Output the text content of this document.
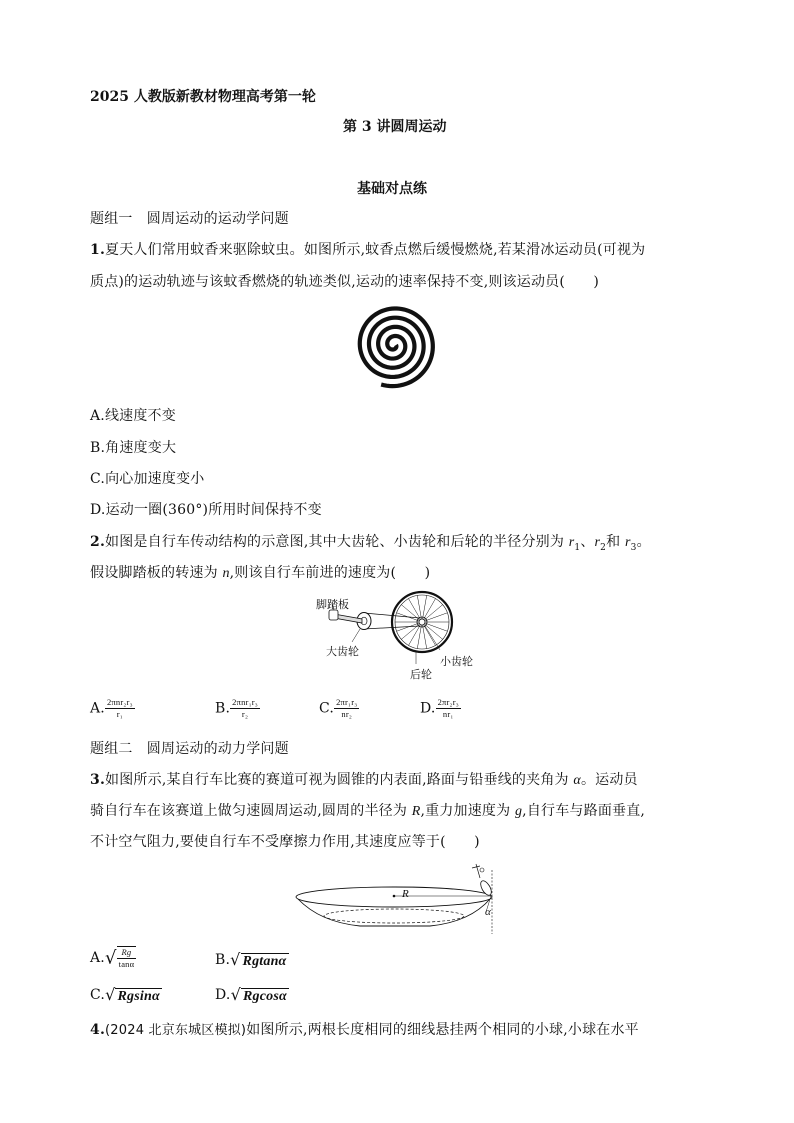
2025 人教版新教材物理高考第一轮
第 3 讲圆周运动
基础对点练
题组一　圆周运动的运动学问题
1.夏天人们常用蚊香来驱除蚊虫。如图所示,蚊香点燃后缓慢燃烧,若某滑冰运动员(可视为
质点)的运动轨迹与该蚊香燃烧的轨迹类似,运动的速率保持不变,则该运动员(　　)
A.线速度不变
B.角速度变大
C.向心加速度变小
D.运动一圈(360°)所用时间保持不变
2.如图是自行车传动结构的示意图,其中大齿轮、小齿轮和后轮的半径分别为 $r_1$、$r_2$和 $r_3$。
假设脚踏板的转速为 n,则该自行车前进的速度为(　　)
脚踏板
大齿轮
小齿轮
后轮
A. $\frac{\text{2πnr₂r₃}}{\text{r₁}}$	B. $\frac{\text{2πnr₁r₃}}{\text{r₂}}$	C. $\frac{\text{2πr₁r₃}}{\text{nr₂}}$	D. $\frac{\text{2πr₂r₃}}{\text{nr₁}}$
题组二　圆周运动的动力学问题
3.如图所示,某自行车比赛的赛道可视为圆锥的内表面,路面与铅垂线的夹角为 α。运动员
骑自行车在该赛道上做匀速圆周运动,圆周的半径为 R,重力加速度为 g,自行车与路面垂直,
不计空气阻力,要使自行车不受摩擦力作用,其速度应等于(　　)
R
α
$A.√ \frac{Rg}{\tan\alpha}$	B.√ Rgtanα
C.√ Rgsinα	D.√ Rgcosα
4.(2024 北京东城区模拟)如图所示,两根长度相同的细线悬挂两个相同的小球,小球在水平
